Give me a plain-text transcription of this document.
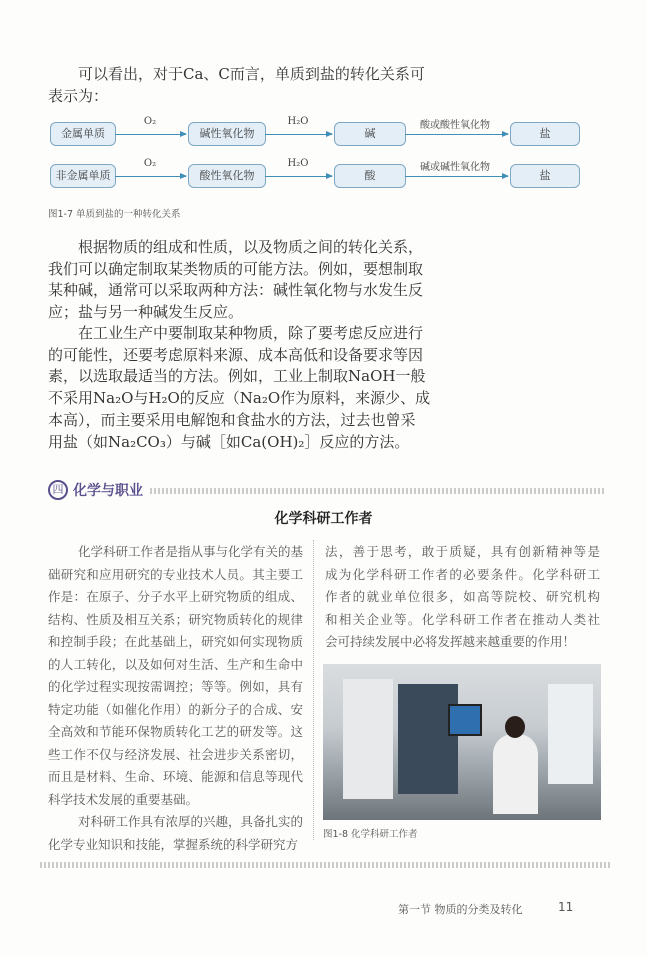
金属单质	碱性氧化物	碱	盐
O₂	H₂O	酸或酸性氧化物
非金属单质	酸性氧化物	酸	盐
O₂	H₂O	碱或碱性氧化物
图1-7 单质到盐的一种转化关系
四 化学与职业
化学科研工作者
图1-8 化学科研工作者
第一节 物质的分类及转化	11
可以看出，对于Ca、C而言，单质到盐的转化关系可
表示为：
根据物质的组成和性质，以及物质之间的转化关系，
我们可以确定制取某类物质的可能方法。例如，要想制取
某种碱，通常可以采取两种方法：碱性氧化物与水发生反
应；盐与另一种碱发生反应。
在工业生产中要制取某种物质，除了要考虑反应进行
的可能性，还要考虑原料来源、成本高低和设备要求等因
素，以选取最适当的方法。例如，工业上制取NaOH一般
不采用Na₂O与H₂O的反应（Na₂O作为原料，来源少、成
本高），而主要采用电解饱和食盐水的方法，过去也曾采
用盐（如Na₂CO₃）与碱［如Ca(OH)₂］反应的方法。
化学科研工作者是指从事与化学有关的基
础研究和应用研究的专业技术人员。其主要工
作是：在原子、分子水平上研究物质的组成、
结构、性质及相互关系；研究物质转化的规律
和控制手段；在此基础上，研究如何实现物质
的人工转化，以及如何对生活、生产和生命中
的化学过程实现按需调控；等等。例如，具有
特定功能（如催化作用）的新分子的合成、安
全高效和节能环保物质转化工艺的研发等。这
些工作不仅与经济发展、社会进步关系密切，
而且是材料、生命、环境、能源和信息等现代
科学技术发展的重要基础。
对科研工作具有浓厚的兴趣，具备扎实的
化学专业知识和技能，掌握系统的科学研究方
法，善于思考，敢于质疑，具有创新精神等是
成为化学科研工作者的必要条件。化学科研工
作者的就业单位很多，如高等院校、研究机构
和相关企业等。化学科研工作者在推动人类社
会可持续发展中必将发挥越来越重要的作用！
